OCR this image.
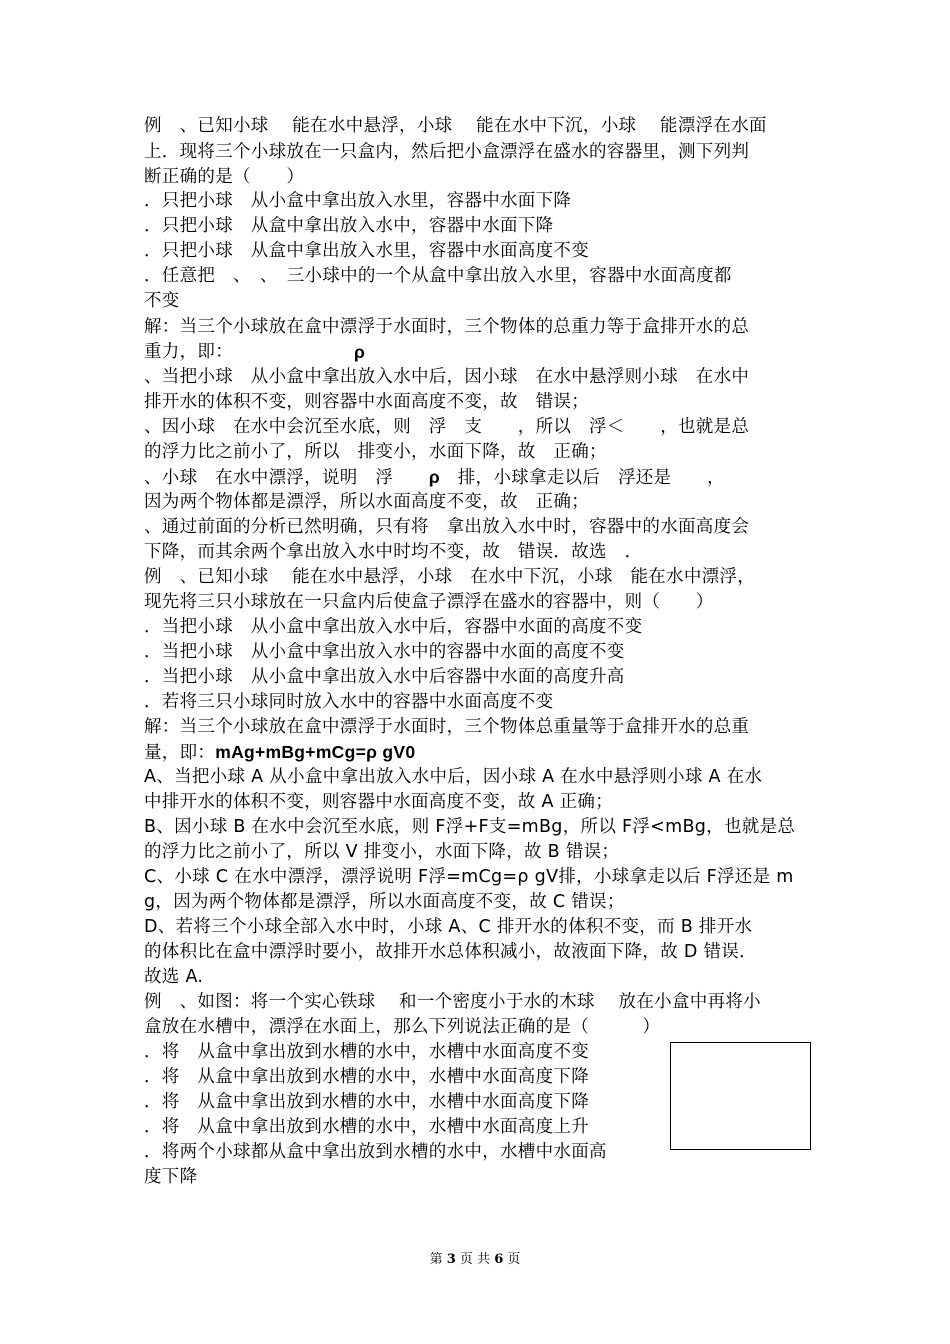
例　、已知小球　 能在水中悬浮，小球　 能在水中下沉，小球　 能漂浮在水面
上．现将三个小球放在一只盒内，然后把小盒漂浮在盛水的容器里，测下列判
断正确的是（　　）
．只把小球　从小盒中拿出放入水里，容器中水面下降
．只把小球　从盒中拿出放入水中，容器中水面下降
．只把小球　从盒中拿出放入水里，容器中水面高度不变
．任意把　、　、　三小球中的一个从盒中拿出放入水里，容器中水面高度都
不变
解：当三个小球放在盒中漂浮于水面时，三个物体的总重力等于盒排开水的总
重力，即：	ρ
、当把小球　从小盒中拿出放入水中后，因小球　在水中悬浮则小球　在水中
排开水的体积不变，则容器中水面高度不变，故　错误；
、因小球　在水中会沉至水底，则　浮　支　　，所以　浮＜　　，也就是总
的浮力比之前小了，所以　排变小，水面下降，故　正确；
、小球　在水中漂浮，说明　浮　　ρ　排，小球拿走以后　浮还是　　，
因为两个物体都是漂浮，所以水面高度不变，故　正确；
、通过前面的分析已然明确，只有将　拿出放入水中时，容器中的水面高度会
下降，而其余两个拿出放入水中时均不变，故　错误．故选　．
例　、已知小球　 能在水中悬浮，小球　在水中下沉，小球　能在水中漂浮，
现先将三只小球放在一只盒内后使盒子漂浮在盛水的容器中，则（　　）
．当把小球　从小盒中拿出放入水中后，容器中水面的高度不变
．当把小球　从小盒中拿出放入水中的容器中水面的高度不变
．当把小球　从小盒中拿出放入水中后容器中水面的高度升高
．若将三只小球同时放入水中的容器中水面高度不变
解：当三个小球放在盒中漂浮于水面时，三个物体总重量等于盒排开水的总重
量，即：mAg+mBg+mCg=ρ gV0
A、当把小球 A 从小盒中拿出放入水中后，因小球 A 在水中悬浮则小球 A 在水
中排开水的体积不变，则容器中水面高度不变，故 A 正确；
B、因小球 B 在水中会沉至水底，则 F浮+F支=mBg，所以 F浮<mBg，也就是总
的浮力比之前小了，所以 V 排变小，水面下降，故 B 错误；
C、小球 C 在水中漂浮，漂浮说明 F浮=mCg=ρ gV排，小球拿走以后 F浮还是 m
g，因为两个物体都是漂浮，所以水面高度不变，故 C 错误；
D、若将三个小球全部入水中时，小球 A、C 排开水的体积不变，而 B 排开水
的体积比在盒中漂浮时要小，故排开水总体积减小，故液面下降，故 D 错误．
故选 A.
例　、如图：将一个实心铁球　 和一个密度小于水的木球　 放在小盒中再将小
盒放在水槽中，漂浮在水面上，那么下列说法正确的是（　　　）
．将　从盒中拿出放到水槽的水中，水槽中水面高度不变
．将　从盒中拿出放到水槽的水中，水槽中水面高度下降
．将　从盒中拿出放到水槽的水中，水槽中水面高度下降
．将　从盒中拿出放到水槽的水中，水槽中水面高度上升
．将两个小球都从盒中拿出放到水槽的水中，水槽中水面高
度下降
第 3 页 共 6 页
